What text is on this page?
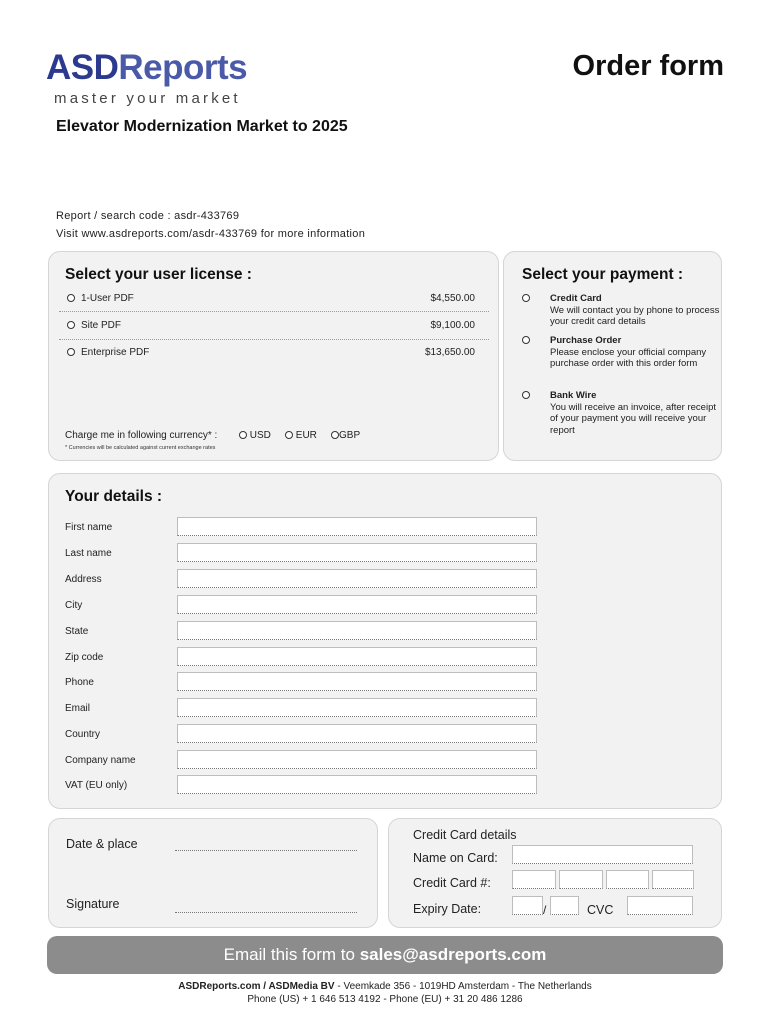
ASDReports
master your market
Order form
Elevator Modernization Market to 2025
Report / search code : asdr-433769
Visit www.asdreports.com/asdr-433769 for more information
Select your user license :
1-User PDF	$4,550.00
Site PDF	$9,100.00
Enterprise PDF	$13,650.00
Charge me in following currency* :	USD	EUR	GBP
* Currencies will be calculated against current exchange rates
Select your payment :
Credit Card
We will contact you by phone to process your credit card details
Purchase Order
Please enclose your official company purchase order with this order form
Bank Wire
You will receive an invoice, after receipt of your payment you will receive your report
Your details :
First name
Last name
Address
City
State
Zip code
Phone
Email
Country
Company name
VAT (EU only)
Date & place
Signature
Credit Card details
Name on Card:
Credit Card #:
Expiry Date:	/	CVC
Email this form to sales@asdreports.com
ASDReports.com / ASDMedia BV - Veemkade 356 - 1019HD Amsterdam - The Netherlands
Phone (US) + 1 646 513 4192 - Phone (EU) + 31 20 486 1286
